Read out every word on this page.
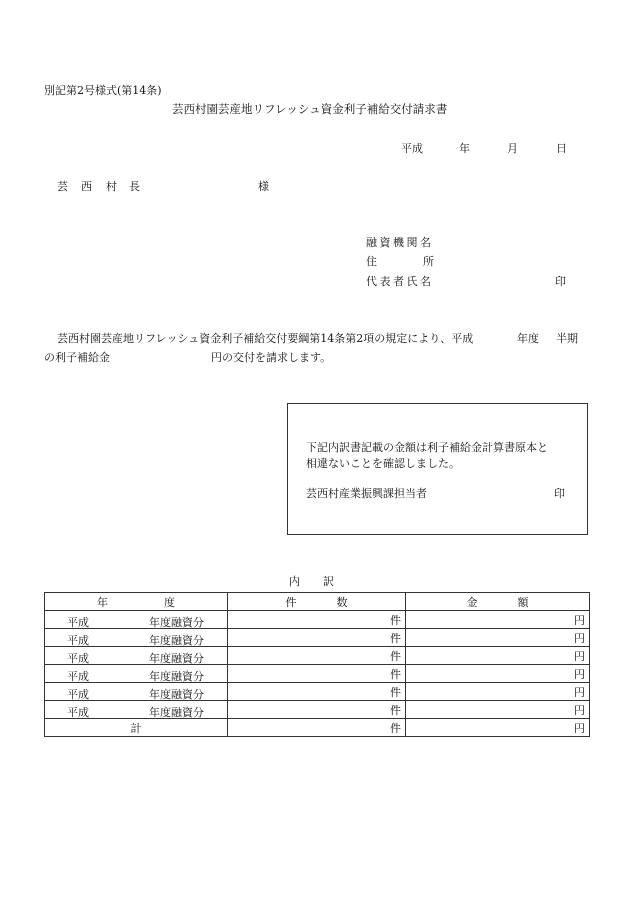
別記第2号様式(第14条)
芸西村園芸産地リフレッシュ資金利子補給交付請求書
平成	年	月	日
芸 西 村 長	様
融資機関名
住	所
代表者氏名	印
芸西村園芸産地リフレッシュ資金利子補給交付要綱第14条第2項の規定により、平成	年度 半期
の利子補給金	円の交付を請求します。
下記内訳書記載の金額は利子補給金計算書原本と
相違ないことを確認しました。
芸西村産業振興課担当者	印
内 訳
年 度	件 数	金 額

平成 年度融資分	件	円

平成 年度融資分	件	円

平成 年度融資分	件	円

平成 年度融資分	件	円

平成 年度融資分	件	円

平成 年度融資分	件	円
計	件	円
